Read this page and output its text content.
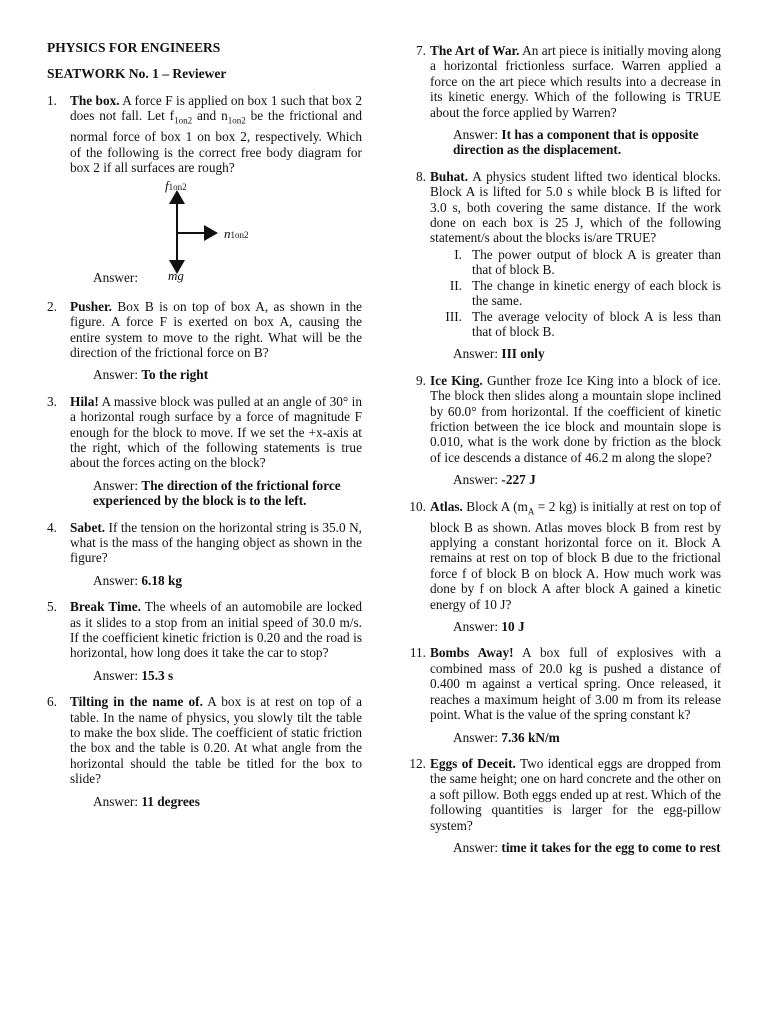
PHYSICS FOR ENGINEERS
SEATWORK No. 1 – Reviewer
1. The box. A force F is applied on box 1 such that box 2 does not fall. Let $f_{1on2}$ and $n_{1on2}$ be the frictional and normal force of box 1 on box 2, respectively. Which of the following is the correct free body diagram for box 2 if all surfaces are rough?
f1on2
n1on2
mg
Answer:
2. Pusher. Box B is on top of box A, as shown in the figure. A force F is exerted on box A, causing the entire system to move to the right. What will be the direction of the frictional force on B?
Answer: To the right
3. Hila! A massive block was pulled at an angle of 30° in a horizontal rough surface by a force of magnitude F enough for the block to move. If we set the +x-axis at the right, which of the following statements is true about the forces acting on the block?
Answer: The direction of the frictional force experienced by the block is to the left.
4. Sabet. If the tension on the horizontal string is 35.0 N, what is the mass of the hanging object as shown in the figure?
Answer: 6.18 kg
5. Break Time. The wheels of an automobile are locked as it slides to a stop from an initial speed of 30.0 m/s. If the coefficient kinetic friction is 0.20 and the road is horizontal, how long does it take the car to stop?
Answer: 15.3 s
6. Tilting in the name of. A box is at rest on top of a table. In the name of physics, you slowly tilt the table to make the box slide. The coefficient of static friction the box and the table is 0.20. At what angle from the horizontal should the table be titled for the box to slide?
Answer: 11 degrees
7. The Art of War. An art piece is initially moving along a horizontal frictionless surface. Warren applied a force on the art piece which results into a decrease in its kinetic energy. Which of the following is TRUE about the force applied by Warren?
Answer: It has a component that is opposite direction as the displacement.
8. Buhat. A physics student lifted two identical blocks. Block A is lifted for 5.0 s while block B is lifted for 3.0 s, both covering the same distance. If the work done on each box is 25 J, which of the following statement/s about the blocks is/are TRUE?
I. The power output of block A is greater than that of block B.
II. The change in kinetic energy of each block is the same.
III. The average velocity of block A is less than that of block B.
Answer: III only
9. Ice King. Gunther froze Ice King into a block of ice. The block then slides along a mountain slope inclined by 60.0° from horizontal. If the coefficient of kinetic friction between the ice block and mountain slope is 0.010, what is the work done by friction as the block of ice descends a distance of 46.2 m along the slope?
Answer: -227 J
10. Atlas. Block A ($m_A = 2$ kg) is initially at rest on top of block B as shown. Atlas moves block B from rest by applying a constant horizontal force on it. Block A remains at rest on top of block B due to the frictional force f of block B on block A. How much work was done by f on block A after block A gained a kinetic energy of 10 J?
Answer: 10 J
11. Bombs Away! A box full of explosives with a combined mass of 20.0 kg is pushed a distance of 0.400 m against a vertical spring. Once released, it reaches a maximum height of 3.00 m from its release point. What is the value of the spring constant k?
Answer: 7.36 kN/m
12. Eggs of Deceit. Two identical eggs are dropped from the same height; one on hard concrete and the other on a soft pillow. Both eggs ended up at rest. Which of the following quantities is larger for the egg-pillow system?
Answer: time it takes for the egg to come to rest
